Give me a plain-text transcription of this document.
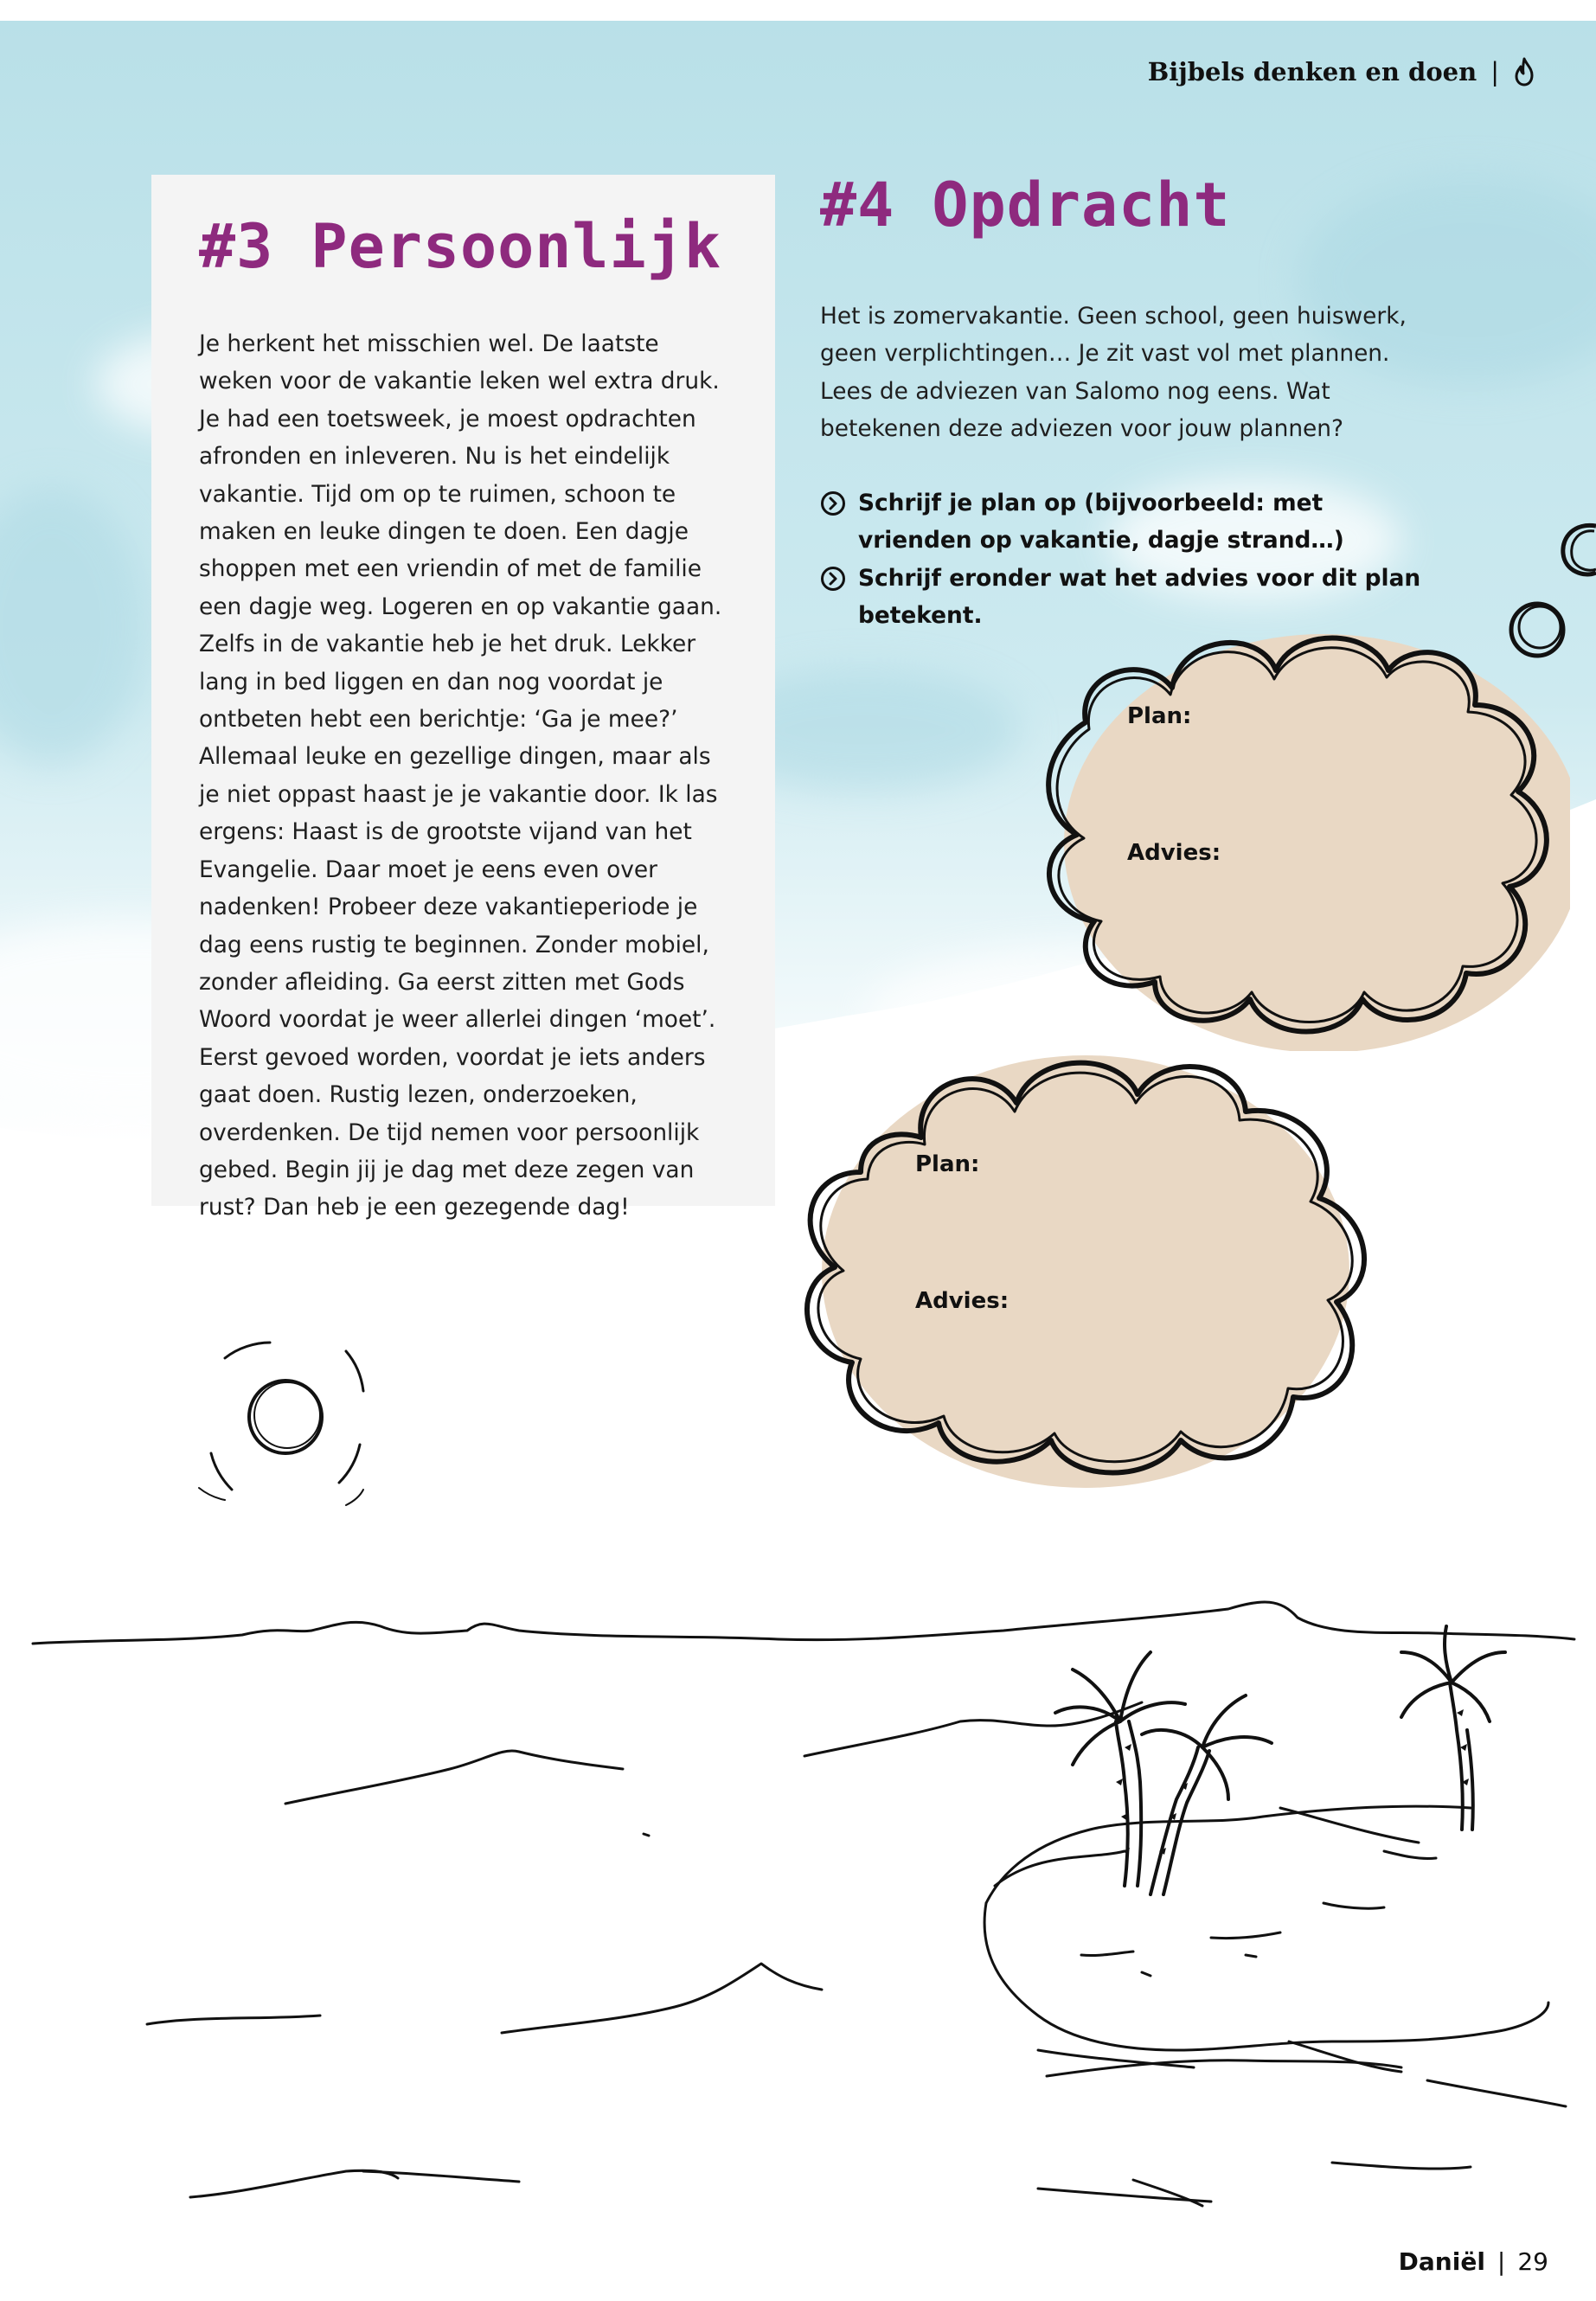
Bijbels denken en doen |
#3 Persoonlijk

Je herkent het misschien wel. De laatste weken voor de vakantie leken wel extra druk. Je had een toetsweek, je moest opdrachten afronden en inleveren. Nu is het eindelijk vakantie. Tijd om op te ruimen, schoon te maken en leuke dingen te doen. Een dagje shoppen met een vriendin of met de familie een dagje weg. Logeren en op vakantie gaan. Zelfs in de vakantie heb je het druk. Lekker lang in bed liggen en dan nog voordat je ontbeten hebt een berichtje: ‘Ga je mee?’ Allemaal leuke en gezellige dingen, maar als je niet oppast haast je je vakantie door. Ik las ergens: Haast is de grootste vijand van het Evangelie. Daar moet je eens even over nadenken! Probeer deze vakantieperiode je dag eens rustig te beginnen. Zonder mobiel, zonder afleiding. Ga eerst zitten met Gods Woord voordat je weer allerlei dingen ‘moet’. Eerst gevoed worden, voordat je iets anders gaat doen. Rustig lezen, onderzoeken, overdenken. De tijd nemen voor persoonlijk gebed. Begin jij je dag met deze zegen van rust? Dan heb je een gezegende dag!

#4 Opdracht

Het is zomervakantie. Geen school, geen huiswerk, geen verplichtingen… Je zit vast vol met plannen. Lees de adviezen van Salomo nog eens. Wat betekenen deze adviezen voor jouw plannen?

Schrijf je plan op (bijvoorbeeld: met vrienden op vakantie, dagje strand…)
Schrijf eronder wat het advies voor dit plan betekent.
Plan:
Advies:
Plan:
Advies:
Daniël | 29
